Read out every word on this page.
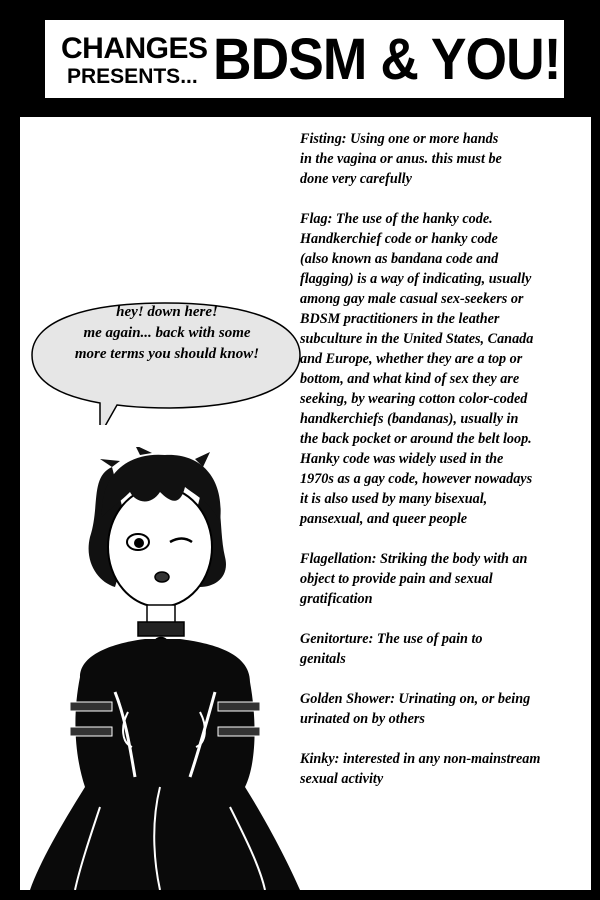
CHANGES
PRESENTS... BDSM & YOU!

Fisting: Using one or more hands
in the vagina or anus. this must be
done very carefully

Flag: The use of the hanky code.
Handkerchief code or hanky code
(also known as bandana code and
flagging) is a way of indicating, usually
among gay male casual sex-seekers or
BDSM practitioners in the leather
subculture in the United States, Canada
and Europe, whether they are a top or
bottom, and what kind of sex they are
seeking, by wearing cotton color-coded
handkerchiefs (bandanas), usually in
the back pocket or around the belt loop.
Hanky code was widely used in the
1970s as a gay code, however nowadays
it is also used by many bisexual,
pansexual, and queer people

Flagellation: Striking the body with an
object to provide pain and sexual
gratification

Genitorture: The use of pain to
genitals

Golden Shower: Urinating on, or being
urinated on by others

Kinky: interested in any non-mainstream
sexual activity

hey! down here!
me again... back with some
more terms you should know!
